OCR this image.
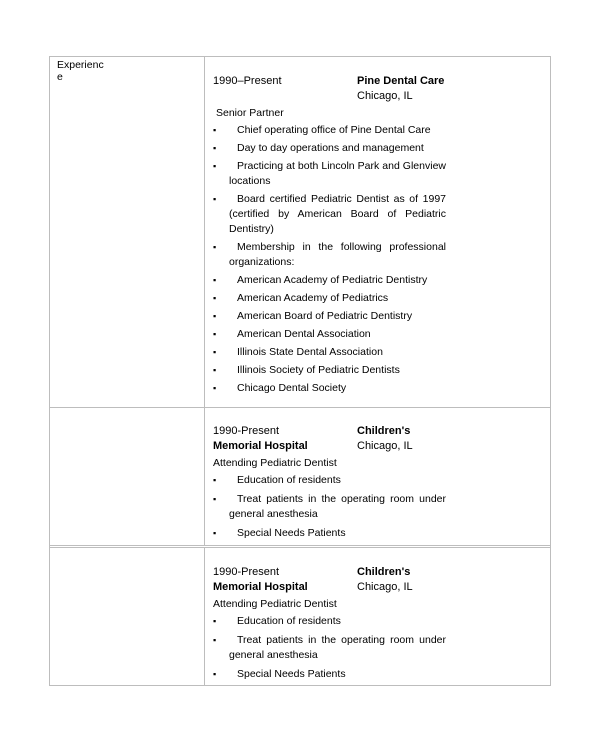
Experience	1990–Present	Pine Dental Care
Chicago, IL
Senior Partner
▪	Chief operating office of Pine Dental Care
▪	Day to day operations and management
▪	Practicing at both Lincoln Park and Glenview locations
▪	Board certified Pediatric Dentist as of 1997 (certified by American Board of Pediatric Dentistry)
▪	Membership in the following professional organizations:
▪	American Academy of Pediatric Dentistry
▪	American Academy of Pediatrics
▪	American Board of Pediatric Dentistry
▪	American Dental Association
▪	Illinois State Dental Association
▪	Illinois Society of Pediatric Dentists
▪	Chicago Dental Society
1990-Present	Children's
Memorial Hospital	Chicago, IL
Attending Pediatric Dentist
▪	Education of residents
▪	Treat patients in the operating room under general anesthesia
▪	Special Needs Patients
1990-Present	Children's
Memorial Hospital	Chicago, IL
Attending Pediatric Dentist
▪	Education of residents
▪	Treat patients in the operating room under general anesthesia
▪	Special Needs Patients
